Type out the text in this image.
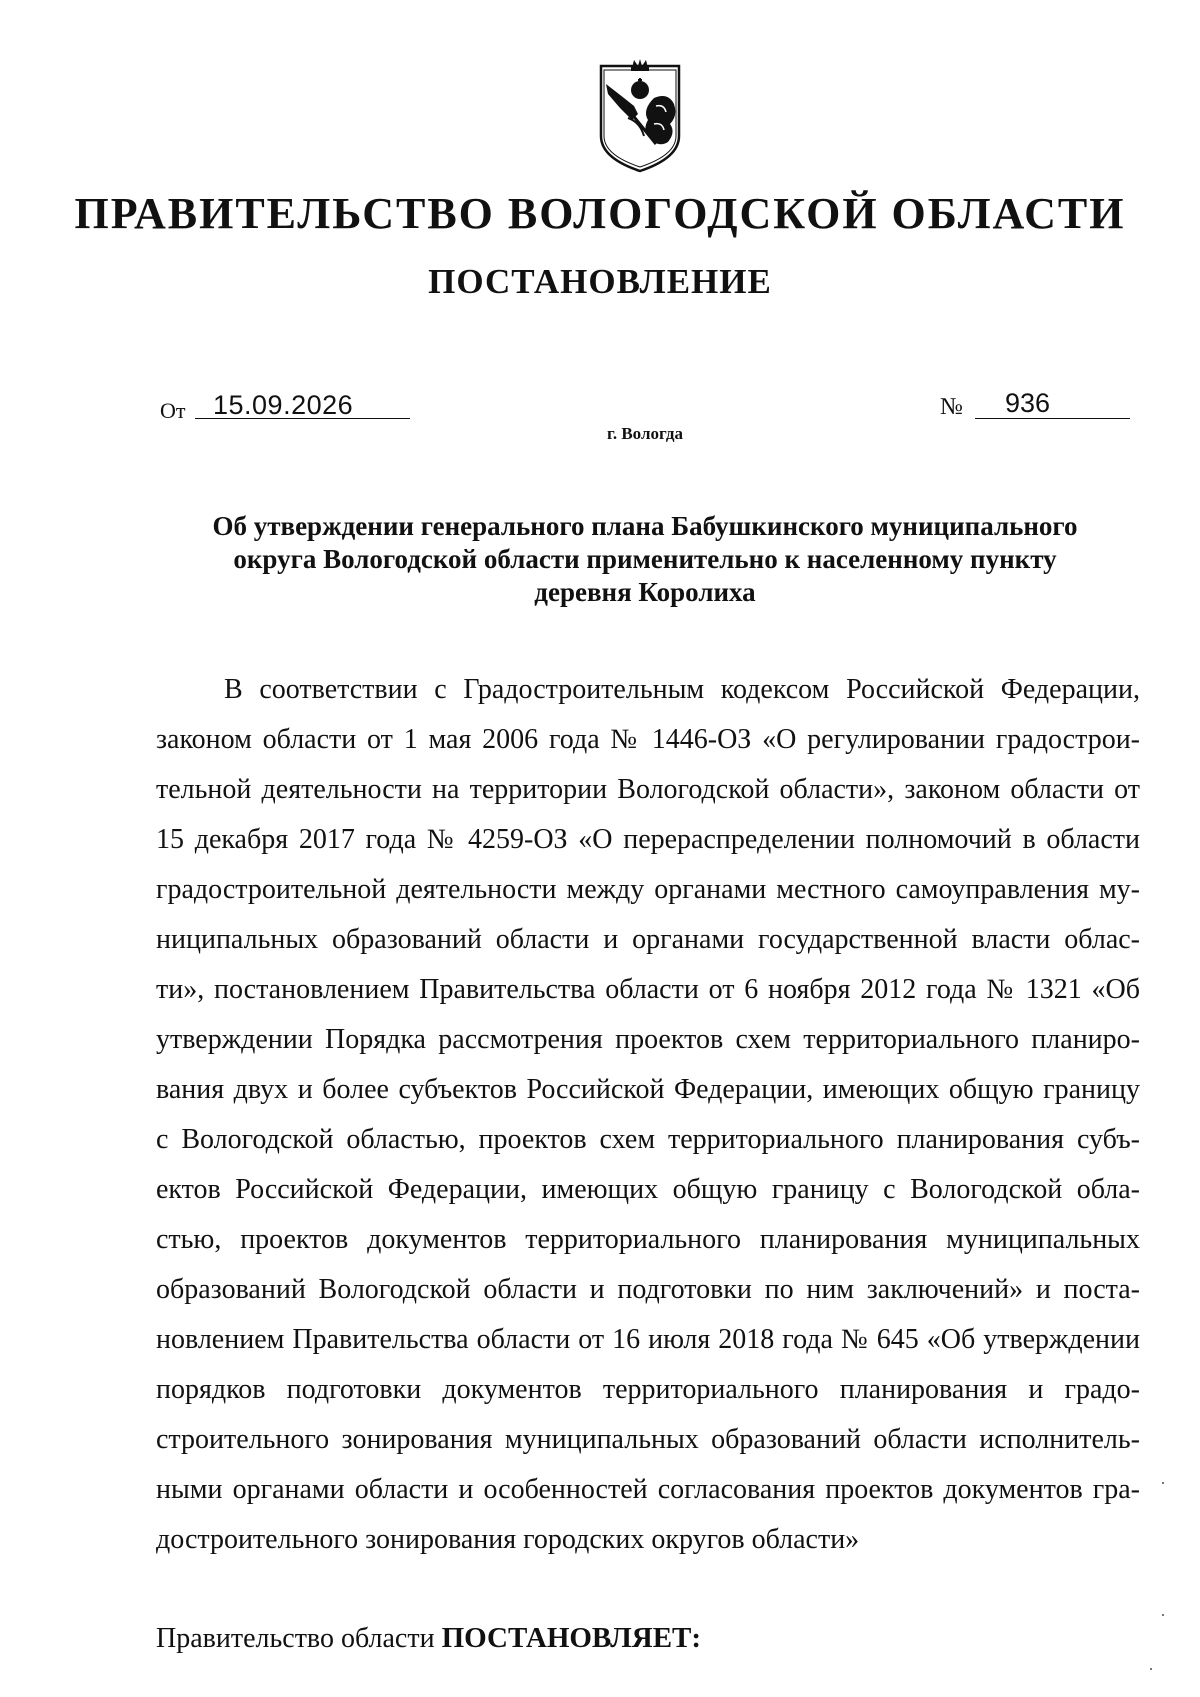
ПРАВИТЕЛЬСТВО ВОЛОГОДСКОЙ ОБЛАСТИ
ПОСТАНОВЛЕНИЕ
От 15.09.2026	№ 936
г. Вологда
Об утверждении генерального плана Бабушкинского муниципального
округа Вологодской области применительно к населенному пункту
деревня Королиха
В соответствии с Градостроительным кодексом Российской Федерации,
законом области от 1 мая 2006 года № 1446-ОЗ «О регулировании градострои-
тельной деятельности на территории Вологодской области», законом области от
15 декабря 2017 года № 4259-ОЗ «О перераспределении полномочий в области
градостроительной деятельности между органами местного самоуправления му-
ниципальных образований области и органами государственной власти облас-
ти», постановлением Правительства области от 6 ноября 2012 года № 1321 «Об
утверждении Порядка рассмотрения проектов схем территориального планиро-
вания двух и более субъектов Российской Федерации, имеющих общую границу
с Вологодской областью, проектов схем территориального планирования субъ-
ектов Российской Федерации, имеющих общую границу с Вологодской обла-
стью, проектов документов территориального планирования муниципальных
образований Вологодской области и подготовки по ним заключений» и поста-
новлением Правительства области от 16 июля 2018 года № 645 «Об утверждении
порядков подготовки документов территориального планирования и градо-
строительного зонирования муниципальных образований области исполнитель-
ными органами области и особенностей согласования проектов документов гра-
достроительного зонирования городских округов области»
Правительство области ПОСТАНОВЛЯЕТ:
